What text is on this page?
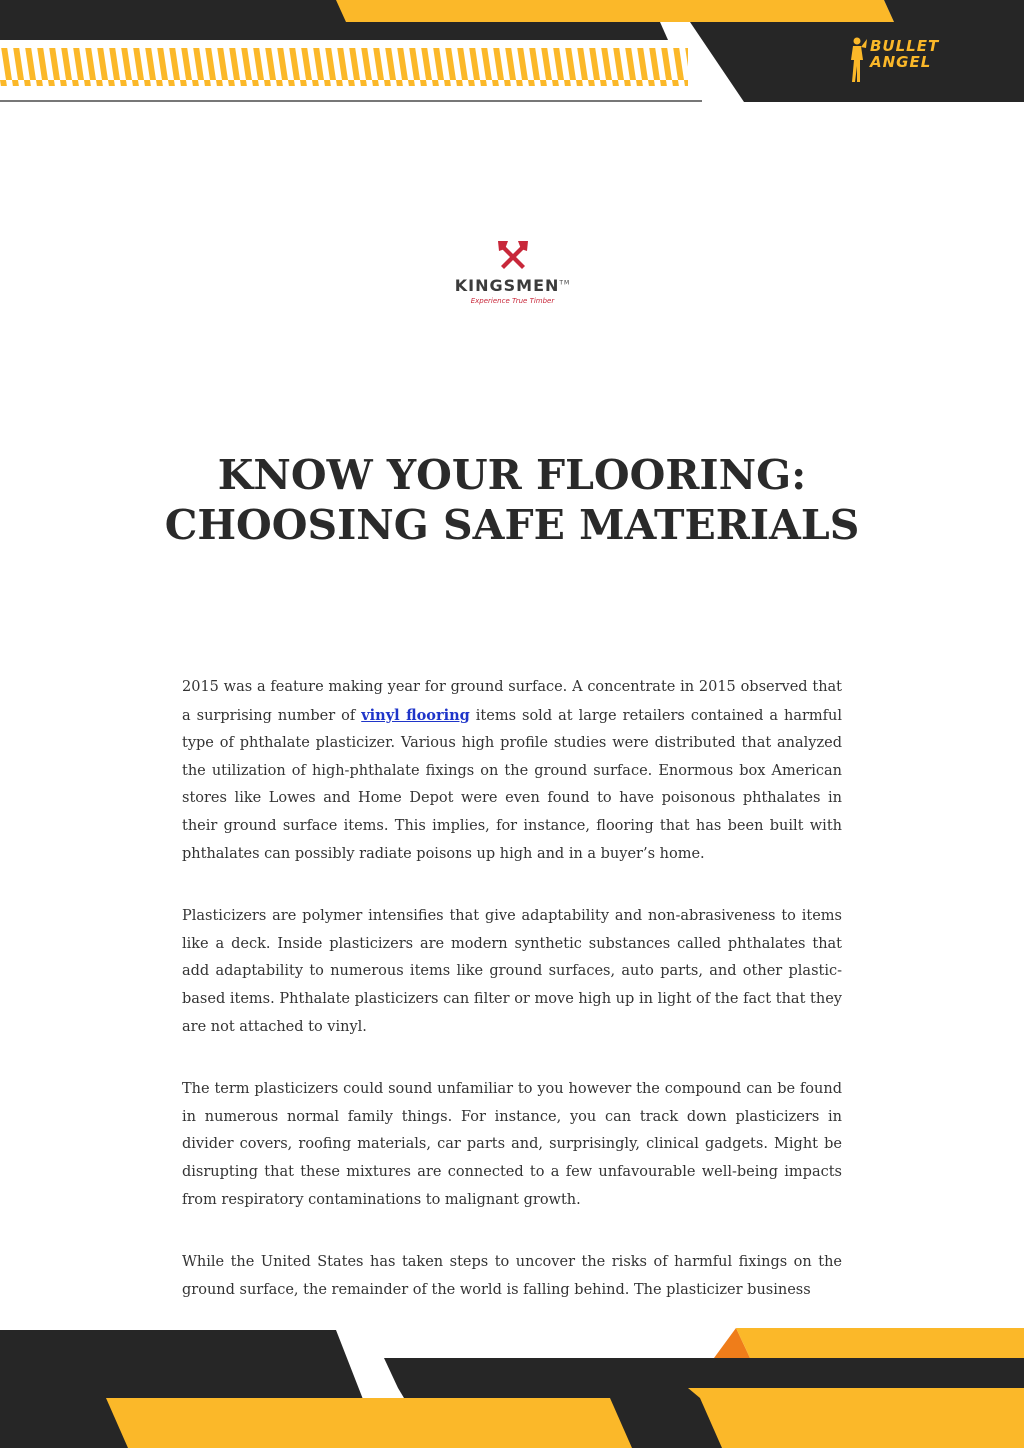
BULLET
ANGEL
KINGSMEN™
Experience True Timber
KNOW YOUR FLOORING:
CHOOSING SAFE MATERIALS

2015 was a feature making year for ground surface. A concentrate in 2015 observed that a surprising number of vinyl flooring items sold at large retailers contained a harmful type of phthalate plasticizer. Various high profile studies were distributed that analyzed the utilization of high-phthalate fixings on the ground surface. Enormous box American stores like Lowes and Home Depot were even found to have poisonous phthalates in their ground surface items. This implies, for instance, flooring that has been built with phthalates can possibly radiate poisons up high and in a buyer’s home.

Plasticizers are polymer intensifies that give adaptability and non-abrasiveness to items like a deck. Inside plasticizers are modern synthetic substances called phthalates that add adaptability to numerous items like ground surfaces, auto parts, and other plastic-based items. Phthalate plasticizers can filter or move high up in light of the fact that they are not attached to vinyl.

The term plasticizers could sound unfamiliar to you however the compound can be found in numerous normal family things. For instance, you can track down plasticizers in divider covers, roofing materials, car parts and, surprisingly, clinical gadgets. Might be disrupting that these mixtures are connected to a few unfavourable well-being impacts from respiratory contaminations to malignant growth.

While the United States has taken steps to uncover the risks of harmful fixings on the ground surface, the remainder of the world is falling behind. The plasticizer business
